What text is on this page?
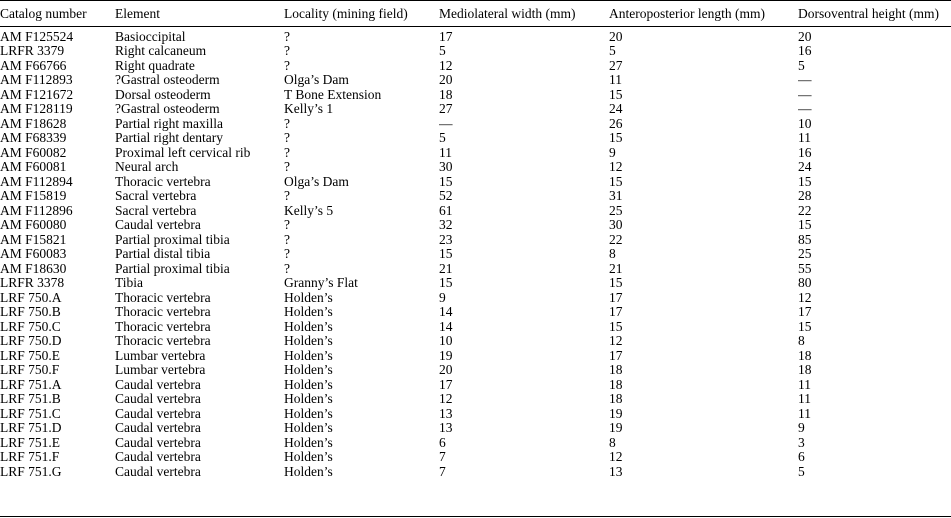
Catalog number	Element	Locality (mining field)	Mediolateral width (mm)	Anteroposterior length (mm)	Dorsoventral height (mm)
AM F125524	Basioccipital	?	17	20	20
LRFR 3379	Right calcaneum	?	5	5	16
AM F66766	Right quadrate	?	12	27	5
AM F112893	?Gastral osteoderm	Olga’s Dam	20	11	—
AM F121672	Dorsal osteoderm	T Bone Extension	18	15	—
AM F128119	?Gastral osteoderm	Kelly’s 1	27	24	—
AM F18628	Partial right maxilla	?	—	26	10
AM F68339	Partial right dentary	?	5	15	11
AM F60082	Proximal left cervical rib	?	11	9	16
AM F60081	Neural arch	?	30	12	24
AM F112894	Thoracic vertebra	Olga’s Dam	15	15	15
AM F15819	Sacral vertebra	?	52	31	28
AM F112896	Sacral vertebra	Kelly’s 5	61	25	22
AM F60080	Caudal vertebra	?	32	30	15
AM F15821	Partial proximal tibia	?	23	22	85
AM F60083	Partial distal tibia	?	15	8	25
AM F18630	Partial proximal tibia	?	21	21	55
LRFR 3378	Tibia	Granny’s Flat	15	15	80
LRF 750.A	Thoracic vertebra	Holden’s	9	17	12
LRF 750.B	Thoracic vertebra	Holden’s	14	17	17
LRF 750.C	Thoracic vertebra	Holden’s	14	15	15
LRF 750.D	Thoracic vertebra	Holden’s	10	12	8
LRF 750.E	Lumbar vertebra	Holden’s	19	17	18
LRF 750.F	Lumbar vertebra	Holden’s	20	18	18
LRF 751.A	Caudal vertebra	Holden’s	17	18	11
LRF 751.B	Caudal vertebra	Holden’s	12	18	11
LRF 751.C	Caudal vertebra	Holden’s	13	19	11
LRF 751.D	Caudal vertebra	Holden’s	13	19	9
LRF 751.E	Caudal vertebra	Holden’s	6	8	3
LRF 751.F	Caudal vertebra	Holden’s	7	12	6
LRF 751.G	Caudal vertebra	Holden’s	7	13	5
